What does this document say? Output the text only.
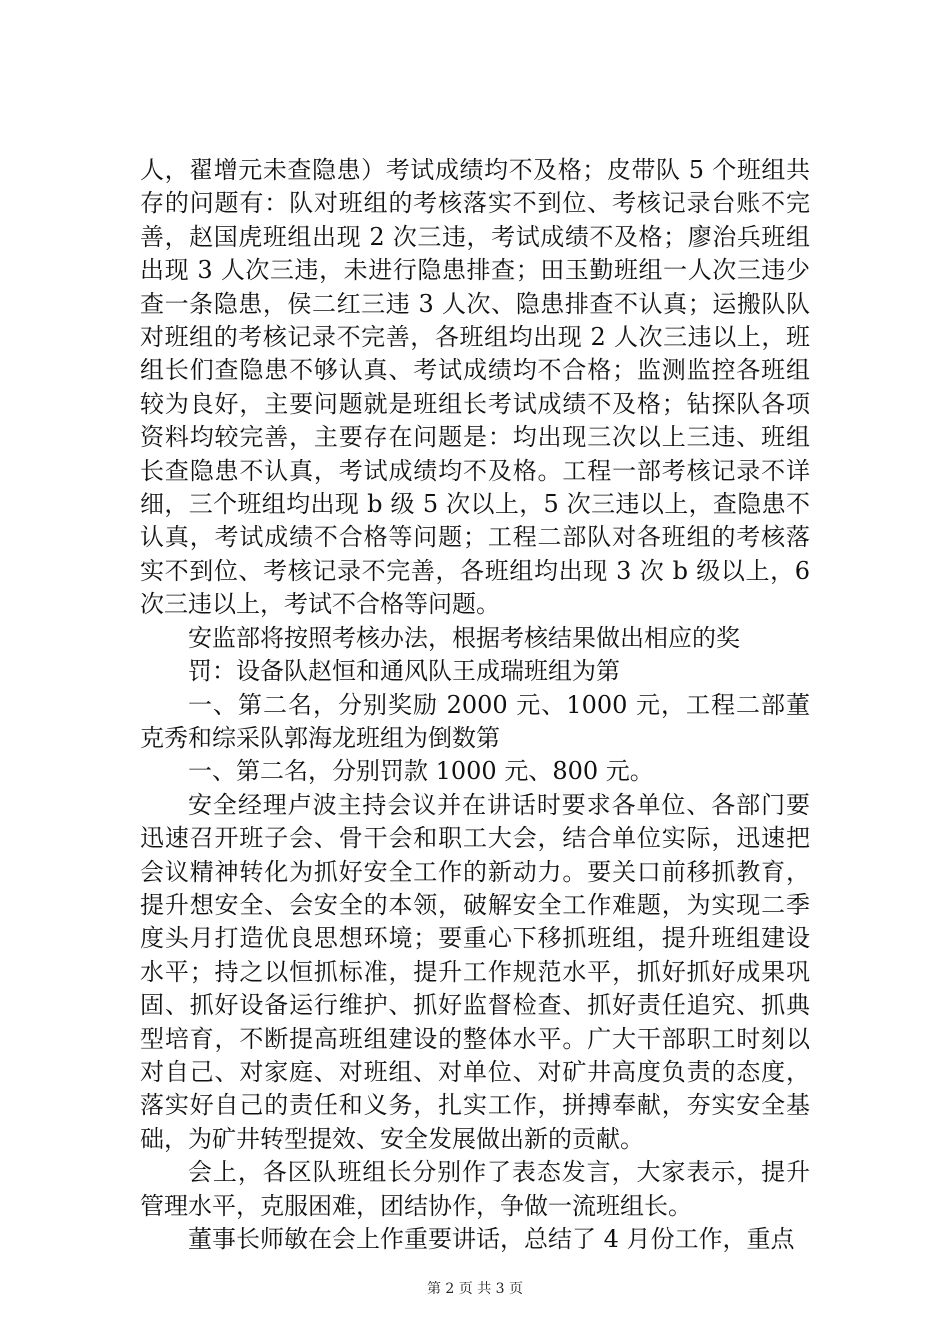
人，翟增元未查隐患）考试成绩均不及格；皮带队 5 个班组共存的问题有：队对班组的考核落实不到位、考核记录台账不完善，赵国虎班组出现 2 次三违，考试成绩不及格；廖治兵班组出现 3 人次三违，未进行隐患排查；田玉勤班组一人次三违少查一条隐患，侯二红三违 3 人次、隐患排查不认真；运搬队队对班组的考核记录不完善，各班组均出现 2 人次三违以上，班组长们查隐患不够认真、考试成绩均不合格；监测监控各班组较为良好，主要问题就是班组长考试成绩不及格；钻探队各项资料均较完善，主要存在问题是：均出现三次以上三违、班组长查隐患不认真，考试成绩均不及格。工程一部考核记录不详细，三个班组均出现 b 级 5 次以上，5 次三违以上，查隐患不认真，考试成绩不合格等问题；工程二部队对各班组的考核落实不到位、考核记录不完善，各班组均出现 3 次 b 级以上，6 次三违以上，考试不合格等问题。

安监部将按照考核办法，根据考核结果做出相应的奖

罚：设备队赵恒和通风队王成瑞班组为第

一、第二名，分别奖励 2000 元、1000 元，工程二部董克秀和综采队郭海龙班组为倒数第

一、第二名，分别罚款 1000 元、800 元。

安全经理卢波主持会议并在讲话时要求各单位、各部门要迅速召开班子会、骨干会和职工大会，结合单位实际，迅速把会议精神转化为抓好安全工作的新动力。要关口前移抓教育，提升想安全、会安全的本领，破解安全工作难题，为实现二季度头月打造优良思想环境；要重心下移抓班组，提升班组建设水平；持之以恒抓标准，提升工作规范水平，抓好抓好成果巩固、抓好设备运行维护、抓好监督检查、抓好责任追究、抓典型培育，不断提高班组建设的整体水平。广大干部职工时刻以对自己、对家庭、对班组、对单位、对矿井高度负责的态度，落实好自己的责任和义务，扎实工作，拼搏奉献，夯实安全基础，为矿井转型提效、安全发展做出新的贡献。

会上，各区队班组长分别作了表态发言，大家表示，提升管理水平，克服困难，团结协作，争做一流班组长。

董事长师敏在会上作重要讲话，总结了 4 月份工作，重点

第 2 页 共 3 页
